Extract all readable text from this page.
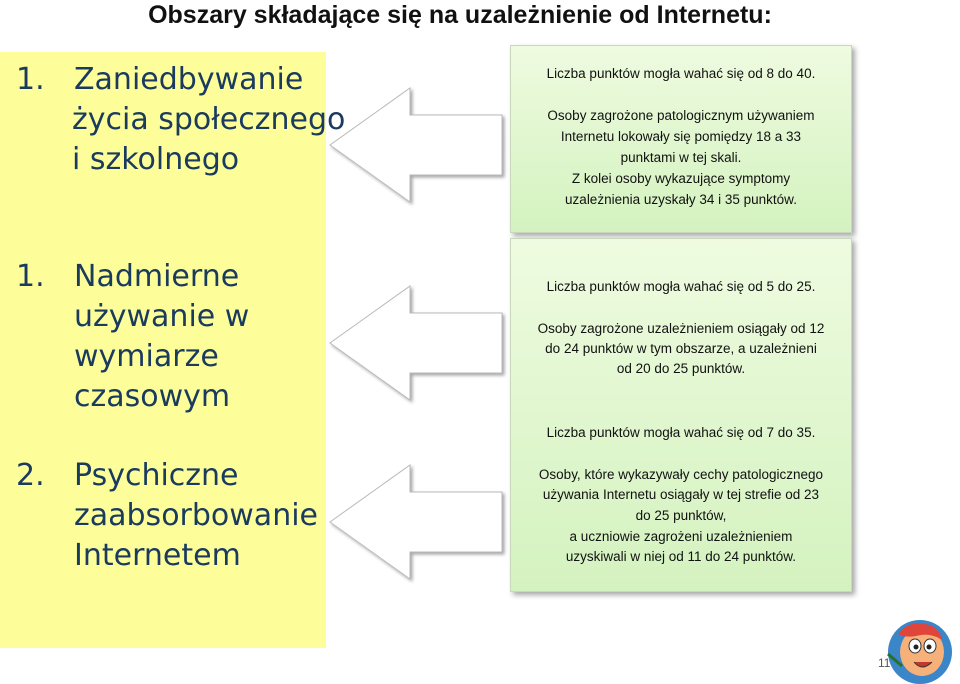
Obszary składające się na uzależnienie od Internetu:
1. Zaniedbywanie
życia społecznego
i szkolnego
1. Nadmierne
używanie w
wymiarze
czasowym
2. Psychiczne
zaabsorbowanie
Internetem
Liczba punktów mogła wahać się od 8 do 40.
Osoby zagrożone patologicznym używaniem
Internetu lokowały się pomiędzy 18 a 33
punktami w tej skali.
Z kolei osoby wykazujące symptomy
uzależnienia uzyskały 34 i 35 punktów.
Liczba punktów mogła wahać się od 5 do 25.
Osoby zagrożone uzależnieniem osiągały od 12
do 24 punktów w tym obszarze, a uzależnieni
od 20 do 25 punktów.
Liczba punktów mogła wahać się od 7 do 35.
Osoby, które wykazywały cechy patologicznego
używania Internetu osiągały w tej strefie od 23
do 25 punktów,
a uczniowie zagrożeni uzależnieniem
uzyskiwali w niej od 11 do 24 punktów.
11
